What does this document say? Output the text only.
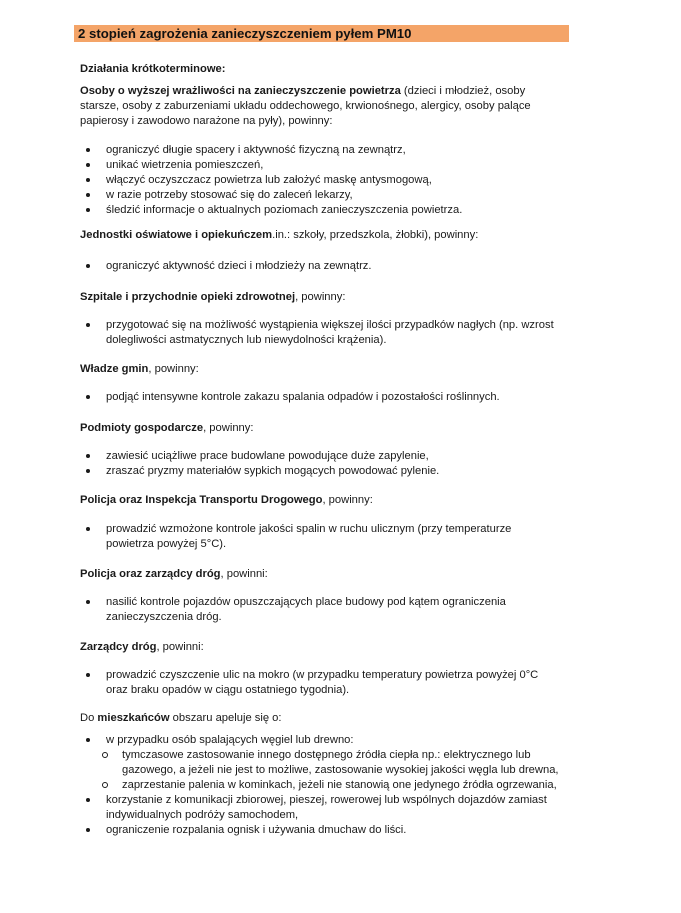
2 stopień zagrożenia zanieczyszczeniem pyłem PM10
Działania krótkoterminowe:
Osoby o wyższej wrażliwości na zanieczyszczenie powietrza (dzieci i młodzież, osoby
starsze, osoby z zaburzeniami układu oddechowego, krwionośnego, alergicy, osoby palące
papierosy i zawodowo narażone na pyły), powinny:
ograniczyć długie spacery i aktywność fizyczną na zewnątrz,
unikać wietrzenia pomieszczeń,
włączyć oczyszczacz powietrza lub założyć maskę antysmogową,
w razie potrzeby stosować się do zaleceń lekarzy,
śledzić informacje o aktualnych poziomach zanieczyszczenia powietrza.
Jednostki oświatowe i opiekuńczem.in.: szkoły, przedszkola, żłobki), powinny:
ograniczyć aktywność dzieci i młodzieży na zewnątrz.
Szpitale i przychodnie opieki zdrowotnej, powinny:
przygotować się na możliwość wystąpienia większej ilości przypadków nagłych (np. wzrost
dolegliwości astmatycznych lub niewydolności krążenia).
Władze gmin, powinny:
podjąć intensywne kontrole zakazu spalania odpadów i pozostałości roślinnych.
Podmioty gospodarcze, powinny:
zawiesić uciążliwe prace budowlane powodujące duże zapylenie,
zraszać pryzmy materiałów sypkich mogących powodować pylenie.
Policja oraz Inspekcja Transportu Drogowego, powinny:
prowadzić wzmożone kontrole jakości spalin w ruchu ulicznym (przy temperaturze
powietrza powyżej 5°C).
Policja oraz zarządcy dróg, powinni:
nasilić kontrole pojazdów opuszczających place budowy pod kątem ograniczenia
zanieczyszczenia dróg.
Zarządcy dróg, powinni:
prowadzić czyszczenie ulic na mokro (w przypadku temperatury powietrza powyżej 0°C
oraz braku opadów w ciągu ostatniego tygodnia).
Do mieszkańców obszaru apeluje się o:
w przypadku osób spalających węgiel lub drewno:
tymczasowe zastosowanie innego dostępnego źródła ciepła np.: elektrycznego lub
gazowego, a jeżeli nie jest to możliwe, zastosowanie wysokiej jakości węgla lub drewna,
zaprzestanie palenia w kominkach, jeżeli nie stanowią one jedynego źródła ogrzewania,
korzystanie z komunikacji zbiorowej, pieszej, rowerowej lub wspólnych dojazdów zamiast
indywidualnych podróży samochodem,
ograniczenie rozpalania ognisk i używania dmuchaw do liści.
